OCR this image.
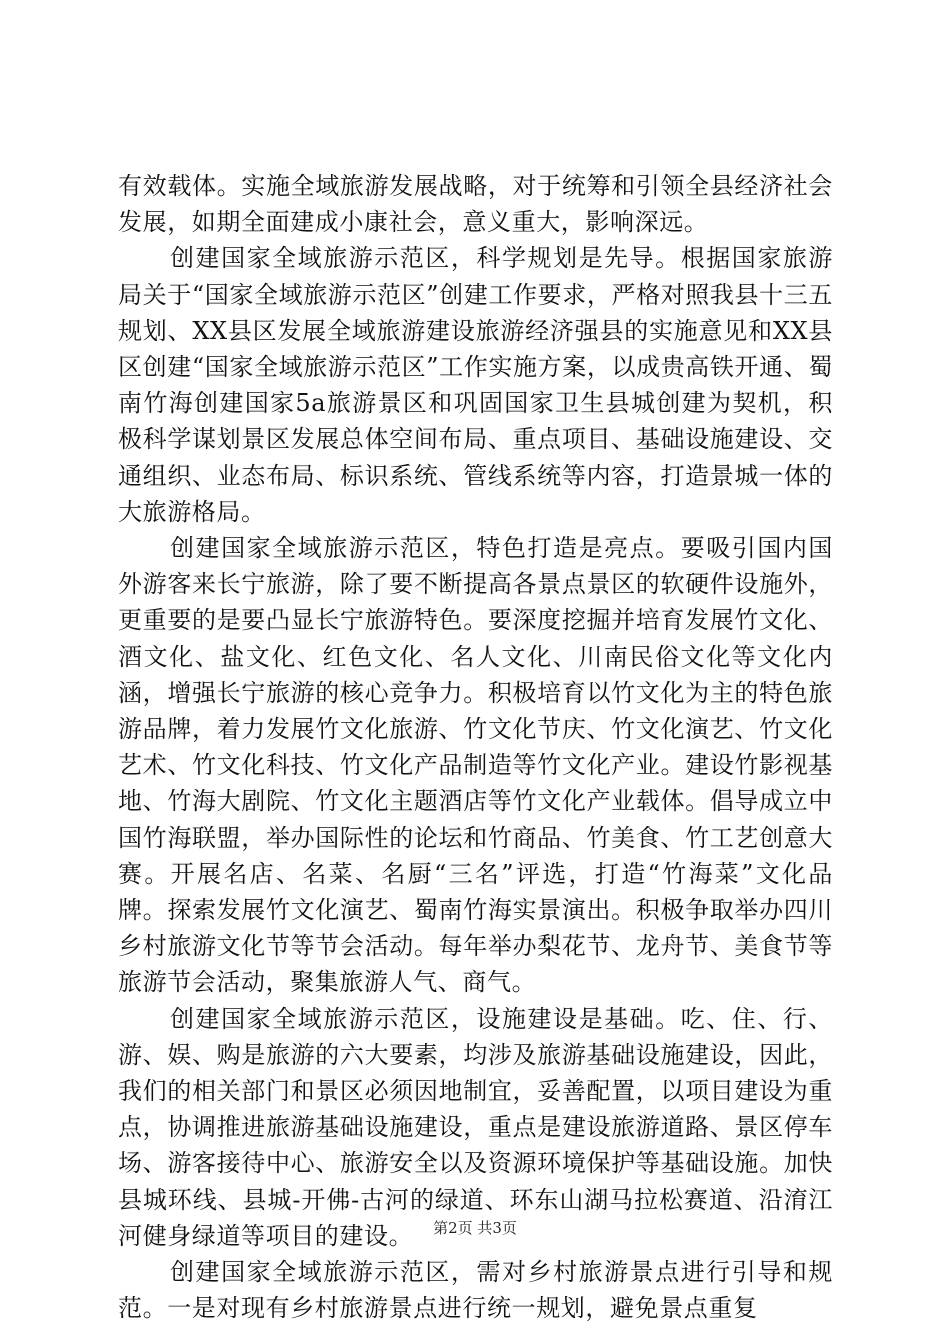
有效载体。实施全域旅游发展战略，对于统筹和引领全县经济社会发展，如期全面建成小康社会，意义重大，影响深远。

创建国家全域旅游示范区，科学规划是先导。根据国家旅游局关于“国家全域旅游示范区”创建工作要求，严格对照我县十三五规划、XX县区发展全域旅游建设旅游经济强县的实施意见和XX县区创建“国家全域旅游示范区”工作实施方案，以成贵高铁开通、蜀南竹海创建国家5a旅游景区和巩固国家卫生县城创建为契机，积极科学谋划景区发展总体空间布局、重点项目、基础设施建设、交通组织、业态布局、标识系统、管线系统等内容，打造景城一体的大旅游格局。

创建国家全域旅游示范区，特色打造是亮点。要吸引国内国外游客来长宁旅游，除了要不断提高各景点景区的软硬件设施外，更重要的是要凸显长宁旅游特色。要深度挖掘并培育发展竹文化、酒文化、盐文化、红色文化、名人文化、川南民俗文化等文化内涵，增强长宁旅游的核心竞争力。积极培育以竹文化为主的特色旅游品牌，着力发展竹文化旅游、竹文化节庆、竹文化演艺、竹文化艺术、竹文化科技、竹文化产品制造等竹文化产业。建设竹影视基地、竹海大剧院、竹文化主题酒店等竹文化产业载体。倡导成立中国竹海联盟，举办国际性的论坛和竹商品、竹美食、竹工艺创意大赛。开展名店、名菜、名厨“三名”评选，打造“竹海菜”文化品牌。探索发展竹文化演艺、蜀南竹海实景演出。积极争取举办四川乡村旅游文化节等节会活动。每年举办梨花节、龙舟节、美食节等旅游节会活动，聚集旅游人气、商气。

创建国家全域旅游示范区，设施建设是基础。吃、住、行、游、娱、购是旅游的六大要素，均涉及旅游基础设施建设，因此，我们的相关部门和景区必须因地制宜，妥善配置，以项目建设为重点，协调推进旅游基础设施建设，重点是建设旅游道路、景区停车场、游客接待中心、旅游安全以及资源环境保护等基础设施。加快县城环线、县城-开佛-古河的绿道、环东山湖马拉松赛道、沿淯江河健身绿道等项目的建设。

创建国家全域旅游示范区，需对乡村旅游景点进行引导和规范。一是对现有乡村旅游景点进行统一规划，避免景点重复

第2页 共3页
